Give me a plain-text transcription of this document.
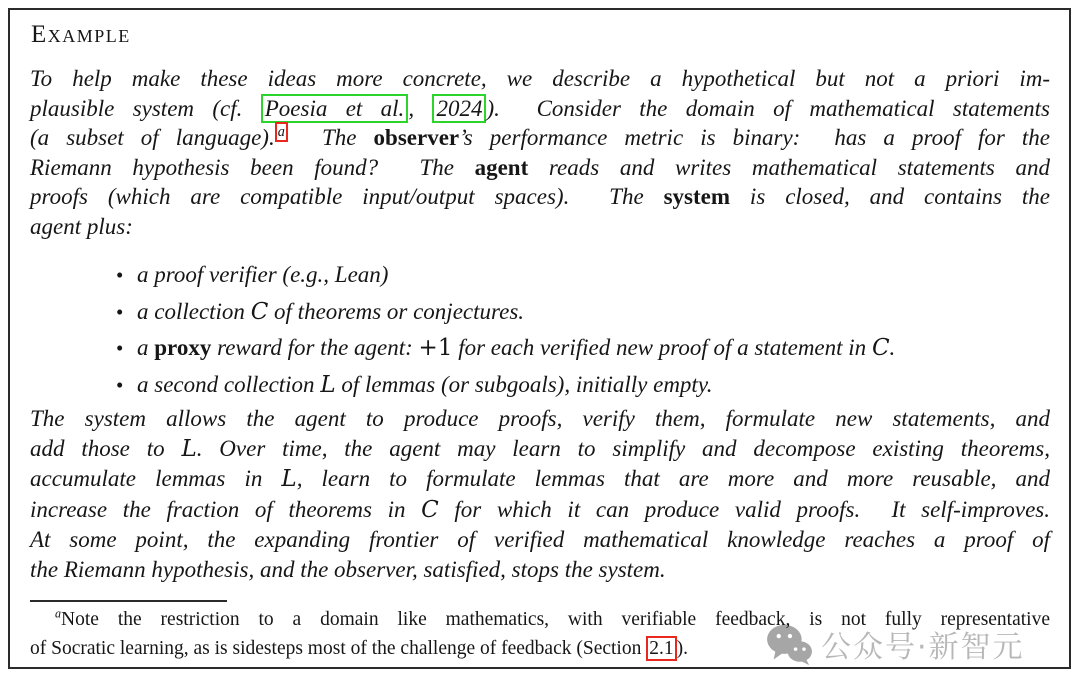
公众号·新智元
Example
To help make these ideas more concrete, we describe a hypothetical but not a priori im-
plausible system (cf. Poesia et al. , 2024 ).  Consider the domain of mathematical statements
(a subset of language). $^a$  The observer’s performance metric is binary:  has a proof for the
Riemann hypothesis been found?  The agent reads and writes mathematical statements and
proofs (which are compatible input/output spaces).  The system is closed, and contains the
agent plus:
• a proof verifier (e.g., Lean)
• a collection C of theorems or conjectures.
• a proxy reward for the agent: +1 for each verified new proof of a statement in C.
• a second collection L of lemmas (or subgoals), initially empty.
The system allows the agent to produce proofs, verify them, formulate new statements, and
add those to L. Over time, the agent may learn to simplify and decompose existing theorems,
accumulate lemmas in L, learn to formulate lemmas that are more and more reusable, and
increase the fraction of theorems in C for which it can produce valid proofs.  It self-improves.
At some point, the expanding frontier of verified mathematical knowledge reaches a proof of
the Riemann hypothesis, and the observer, satisfied, stops the system.
$^a$Note the restriction to a domain like mathematics, with verifiable feedback, is not fully representative
of Socratic learning, as is sidesteps most of the challenge of feedback (Section 2.1 ).
